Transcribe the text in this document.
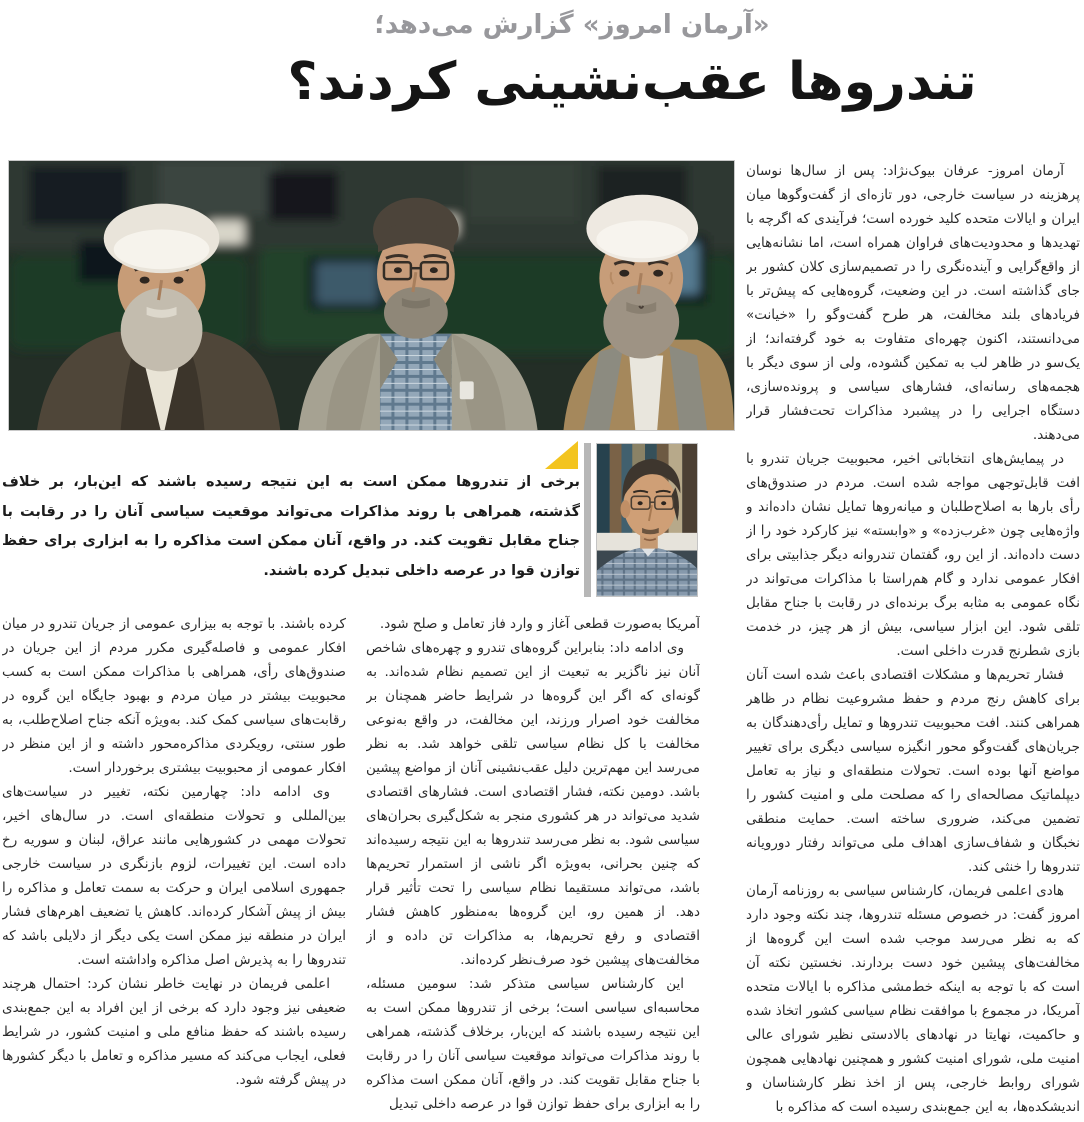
«آرمان امروز» گزارش می‌دهد؛
تندروها عقب‌نشینی کردند؟

آرمان امروز- عرفان بیوک‌نژاد: پس از سال‌ها نوسان پرهزینه در سیاست خارجی، دور تازه‌ای از گفت‌وگوها میان ایران و ایالات متحده کلید خورده است؛ فرآیندی که اگرچه با تهدیدها و محدودیت‌های فراوان همراه است، اما نشانه‌هایی از واقع‌گرایی و آینده‌نگری را در تصمیم‌سازی کلان کشور بر جای گذاشته است. در این وضعیت، گروه‌هایی که پیش‌تر با فریادهای بلند مخالفت، هر طرح گفت‌وگو را «خیانت» می‌دانستند، اکنون چهره‌ای متفاوت به خود گرفته‌اند؛ از یک‌سو در ظاهر لب به تمکین گشوده، ولی از سوی دیگر با هجمه‌های رسانه‌ای، فشارهای سیاسی و پرونده‌سازی، دستگاه اجرایی را در پیشبرد مذاکرات تحت‌فشار قرار می‌دهند.

در پیمایش‌های انتخاباتی اخیر، محبوبیت جریان تندرو با افت قابل‌توجهی مواجه شده است. مردم در صندوق‌های رأی بارها به اصلاح‌طلبان و میانه‌روها تمایل نشان داده‌اند و واژه‌هایی چون «غرب‌زده» و «وابسته» نیز کارکرد خود را از دست داده‌اند. از این رو، گفتمان تندروانه دیگر جذابیتی برای افکار عمومی ندارد و گام هم‌راستا با مذاکرات می‌تواند در نگاه عمومی به مثابه برگ برنده‌ای در رقابت با جناح مقابل تلقی شود. این ابزار سیاسی، بیش از هر چیز، در خدمت بازی شطرنج قدرت داخلی است.

فشار تحریم‌ها و مشکلات اقتصادی باعث شده است آنان برای کاهش رنج مردم و حفظ مشروعیت نظام در ظاهر همراهی کنند. افت محبوبیت تندروها و تمایل رأی‌دهندگان به جریان‌های گفت‌وگو محور انگیزه سیاسی دیگری برای تغییر مواضع آنها بوده است. تحولات منطقه‌ای و نیاز به تعامل دیپلماتیک مصالحه‌ای را که مصلحت ملی و امنیت کشور را تضمین می‌کند، ضروری ساخته است. حمایت منطقی نخبگان و شفاف‌سازی اهداف ملی می‌تواند رفتار دورویانه تندروها را خنثی کند.

هادی اعلمی فریمان، کارشناس سیاسی به روزنامه آرمان امروز گفت: در خصوص مسئله تندروها، چند نکته وجود دارد که به نظر می‌رسد موجب شده است این گروه‌ها از مخالفت‌های پیشین خود دست بردارند. نخستین نکته آن است که با توجه به اینکه خط‌مشی مذاکره با ایالات متحده آمریکا، در مجموع با موافقت نظام سیاسی کشور اتخاذ شده و حاکمیت، نهایتا در نهادهای بالادستی نظیر شورای عالی امنیت ملی، شورای امنیت کشور و همچنین نهادهایی همچون شورای روابط خارجی، پس از اخذ نظر کارشناسان و اندیشکده‌ها، به این جمع‌بندی رسیده است که مذاکره با

برخی از تندروها ممکن است به این نتیجه رسیده باشند که این‌بار، بر خلاف گذشته، همراهی با روند مذاکرات می‌تواند موقعیت سیاسی آنان را در رقابت با جناح مقابل تقویت کند. در واقع، آنان ممکن است مذاکره را به ابزاری برای حفظ توازن قوا در عرصه داخلی تبدیل کرده باشند.

آمریکا به‌صورت قطعی آغاز و وارد فاز تعامل و صلح شود.

وی ادامه داد: بنابراین گروه‌های تندرو و چهره‌های شاخص آنان نیز ناگزیر به تبعیت از این تصمیم نظام شده‌اند. به گونه‌ای که اگر این گروه‌ها در شرایط حاضر همچنان بر مخالفت خود اصرار ورزند، این مخالفت، در واقع به‌نوعی مخالفت با کل نظام سیاسی تلقی خواهد شد. به نظر می‌رسد این مهم‌ترین دلیل عقب‌نشینی آنان از مواضع پیشین باشد. دومین نکته، فشار اقتصادی است. فشارهای اقتصادی شدید می‌تواند در هر کشوری منجر به شکل‌گیری بحران‌های سیاسی شود. به نظر می‌رسد تندروها به این نتیجه رسیده‌اند که چنین بحرانی، به‌ویژه اگر ناشی از استمرار تحریم‌ها باشد، می‌تواند مستقیما نظام سیاسی را تحت تأثیر قرار دهد. از همین رو، این گروه‌ها به‌منظور کاهش فشار اقتصادی و رفع تحریم‌ها، به مذاکرات تن داده و از مخالفت‌های پیشین خود صرف‌نظر کرده‌اند.

این کارشناس سیاسی متذکر شد: سومین مسئله، محاسبه‌ای سیاسی است؛ برخی از تندروها ممکن است به این نتیجه رسیده باشند که این‌بار، برخلاف گذشته، همراهی با روند مذاکرات می‌تواند موقعیت سیاسی آنان را در رقابت با جناح مقابل تقویت کند. در واقع، آنان ممکن است مذاکره را به ابزاری برای حفظ توازن قوا در عرصه داخلی تبدیل

کرده باشند. با توجه به بیزاری عمومی از جریان تندرو در میان افکار عمومی و فاصله‌گیری مکرر مردم از این جریان در صندوق‌های رأی، همراهی با مذاکرات ممکن است به کسب محبوبیت بیشتر در میان مردم و بهبود جایگاه این گروه در رقابت‌های سیاسی کمک کند. به‌ویژه آنکه جناح اصلاح‌طلب، به طور سنتی، رویکردی مذاکره‌محور داشته و از این منظر در افکار عمومی از محبوبیت بیشتری برخوردار است.

وی ادامه داد: چهارمین نکته، تغییر در سیاست‌های بین‌المللی و تحولات منطقه‌ای است. در سال‌های اخیر، تحولات مهمی در کشورهایی مانند عراق، لبنان و سوریه رخ داده است. این تغییرات، لزوم بازنگری در سیاست خارجی جمهوری اسلامی ایران و حرکت به سمت تعامل و مذاکره را بیش از پیش آشکار کرده‌اند. کاهش یا تضعیف اهرم‌های فشار ایران در منطقه نیز ممکن است یکی دیگر از دلایلی باشد که تندروها را به پذیرش اصل مذاکره واداشته است.

اعلمی فریمان در نهایت خاطر نشان کرد: احتمال هرچند ضعیفی نیز وجود دارد که برخی از این افراد به این جمع‌بندی رسیده باشند که حفظ منافع ملی و امنیت کشور، در شرایط فعلی، ایجاب می‌کند که مسیر مذاکره و تعامل با دیگر کشورها در پیش گرفته شود.
